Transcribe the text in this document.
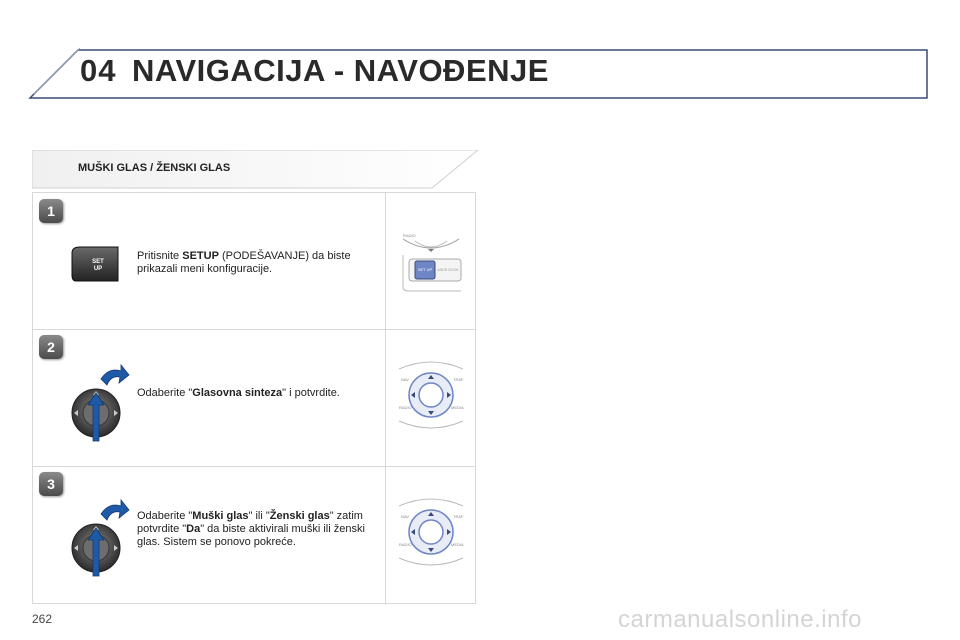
04 NAVIGACIJA - NAVOĐENJE
MUŠKI GLAS / ŽENSKI GLAS
1
SET
UP
Pritisnite SETUP (PODEŠAVANJE) da biste prikazali meni konfiguracije.
RADIO
SET UP ADDR BOOK
2
Odaberite "Glasovna sinteza" i potvrdite.
NAV	TRAF
RADIO	MEDIA
3
Odaberite "Muški glas" ili "Ženski glas" zatim potvrdite "Da" da biste aktivirali muški ili ženski glas. Sistem se ponovo pokreće.
NAV	TRAF
RADIO	MEDIA
262	carmanualsonline.info
